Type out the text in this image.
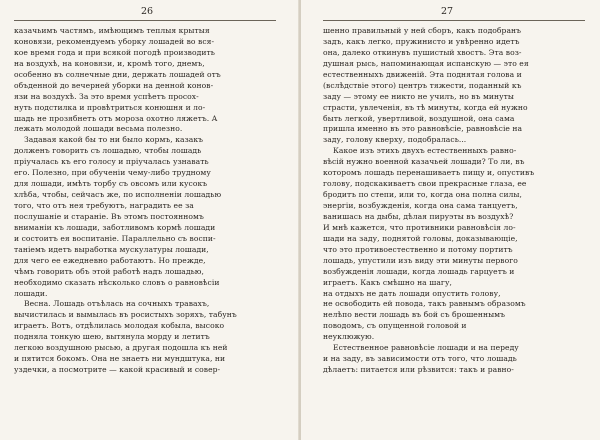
26
казачьимъ частямъ, имѣющимъ теплыя крытыя
коновязи, рекомендуемъ уборку лошадей во вся-
кое время года и при всякой погодѣ производить
на воздухѣ, на коновязи, и, кромѣ того, днемъ,
особенно въ солнечные дни, держать лошадей отъ
объденной до вечерней уборки на денной конов-
язи на воздухѣ. За это время успѣетъ просох-
нуть подстилка и провѣтриться конюшня и ло-
шадь не прозябнетъ отъ мороза охотно ляжетъ. А
лежать молодой лошади весьма полезно.
Задавая какой бы то ни было кормъ, казакъ
долженъ говорить съ лошадью, чтобы лошадь
пріучалась къ его голосу и пріучалась узнавать
его. Полезно, при обученіи чему-либо трудному
для лошади, имѣть торбу съ овсомъ или кусокъ
хлѣба, чтобы, сейчасъ же, по исполненіи лошадью
того, что отъ нея требуютъ, наградить ее за
послушаніе и стараніе. Въ этомъ постоянномъ
вниманіи къ лошади, заботливомъ кормѣ лошади
и состоитъ ея воспитаніе. Параллельно съ воспи-
таніемъ идетъ выработка мускулатуры лошади,
для чего ее ежедневно работаютъ. Но прежде,
чѣмъ говорить объ этой работѣ надъ лошадью,
необходимо сказать нѣсколько словъ о равновѣсіи
лошади.
Весна. Лошадь отъѣлась на сочныхъ травахъ,
вычистилась и вымылась въ росистыхъ зоряхъ, табунъ
играетъ. Вотъ, отдѣлилась молодая кобыла, высоко
подняла тонкую шею, вытянула морду и летитъ
легкою воздушною рысью, а другая подошла къ ней
и пятится бокомъ. Она не знаетъ ни мундштука, ни
уздечки, а посмотрите — какой красивый и совер-
27
шенно правильный у ней сборъ, какъ подобранъ
задъ, какъ легко, пружинисто и увѣренно идетъ
она, далеко откинувъ пушистый хвостъ. Эта воз-
душная рысь, напоминающая испанскую — это ея
естественныхъ движеній. Эта поднятая голова и
(вслѣдствіе этого) центръ тяжести, поданный къ
заду — этому ее никто не училъ, но въ минуты
страсти, увлеченія, въ тѣ минуты, когда ей нужно
быть легкой, увертливой, воздушной, она сама
пришла именно въ это равновѣсіе, равновѣсіе на
заду, голову кверху, подобралась...
Какое изъ этихъ двухъ естественныхъ равно-
вѣсій нужно военной казачьей лошади? То ли, въ
которомъ лошадь перенашиваетъ пищу и, опустивъ
голову, подскакиваетъ свои прекрасные глаза, ее
бродитъ по степи, или то, когда она полна силы,
энергіи, возбужденія, когда она сама танцуетъ,
ванишась на дыбы, дѣлая пируэты въ воздухѣ?
И мнѣ кажется, что противники равновѣсія ло-
шади на заду, поднятой головы, доказывающіе,
что это противоестественно и потому портитъ
лошадь, упустили изъ виду эти минуты первого
возбужденія лошади, когда лошадь гарцуетъ и
играетъ. Какъ смѣшно на шагу,
на отдыхъ не дать лошади опустить голову,
не освободить ей повода, такъ равнымъ образомъ
нелѣпо вести лошадь въ бой съ брошеннымъ
поводомъ, съ опущенной головой и
неуклюжую.
Естественное равновѣсіе лошади и на переду
и на заду, въ зависимости отъ того, что лошадь
дѣлаетъ: питается или рѣзвится: такъ и равно-
